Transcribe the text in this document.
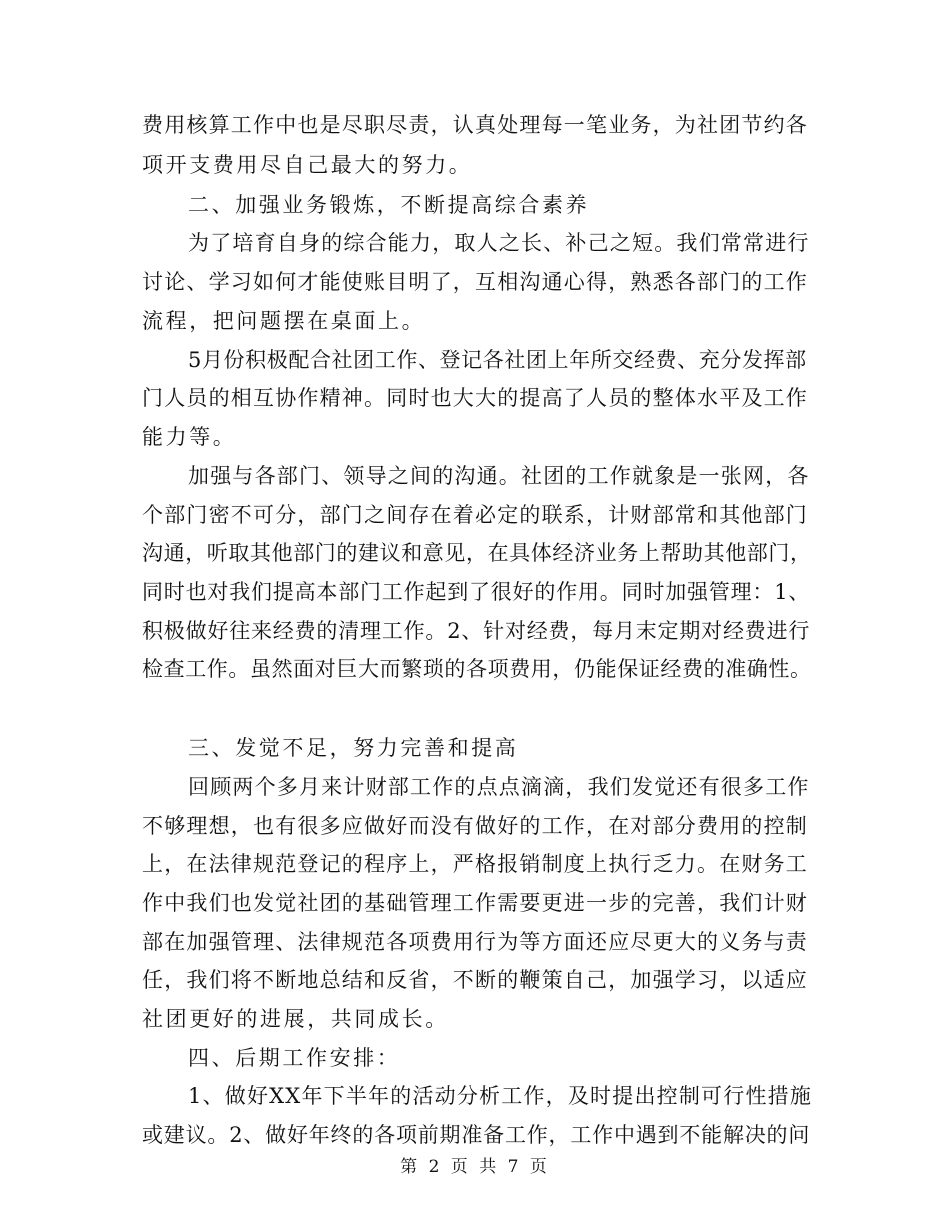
费用核算工作中也是尽职尽责，认真处理每一笔业务，为社团节约各
项开支费用尽自己最大的努力。
二、加强业务锻炼，不断提高综合素养
为了培育自身的综合能力，取人之长、补己之短。我们常常进行
讨论、学习如何才能使账目明了，互相沟通心得，熟悉各部门的工作
流程，把问题摆在桌面上。
5月份积极配合社团工作、登记各社团上年所交经费、充分发挥部
门人员的相互协作精神。同时也大大的提高了人员的整体水平及工作
能力等。
加强与各部门、领导之间的沟通。社团的工作就象是一张网，各
个部门密不可分，部门之间存在着必定的联系，计财部常和其他部门
沟通，听取其他部门的建议和意见，在具体经济业务上帮助其他部门，
同时也对我们提高本部门工作起到了很好的作用。同时加强管理：1、
积极做好往来经费的清理工作。2、针对经费，每月末定期对经费进行
检查工作。虽然面对巨大而繁琐的各项费用，仍能保证经费的准确性。
三、发觉不足，努力完善和提高
回顾两个多月来计财部工作的点点滴滴，我们发觉还有很多工作
不够理想，也有很多应做好而没有做好的工作，在对部分费用的控制
上，在法律规范登记的程序上，严格报销制度上执行乏力。在财务工
作中我们也发觉社团的基础管理工作需要更进一步的完善，我们计财
部在加强管理、法律规范各项费用行为等方面还应尽更大的义务与责
任，我们将不断地总结和反省，不断的鞭策自己，加强学习，以适应
社团更好的进展，共同成长。
四、后期工作安排：
1、做好XX年下半年的活动分析工作，及时提出控制可行性措施
或建议。2、做好年终的各项前期准备工作，工作中遇到不能解决的问
第 2 页 共 7 页
